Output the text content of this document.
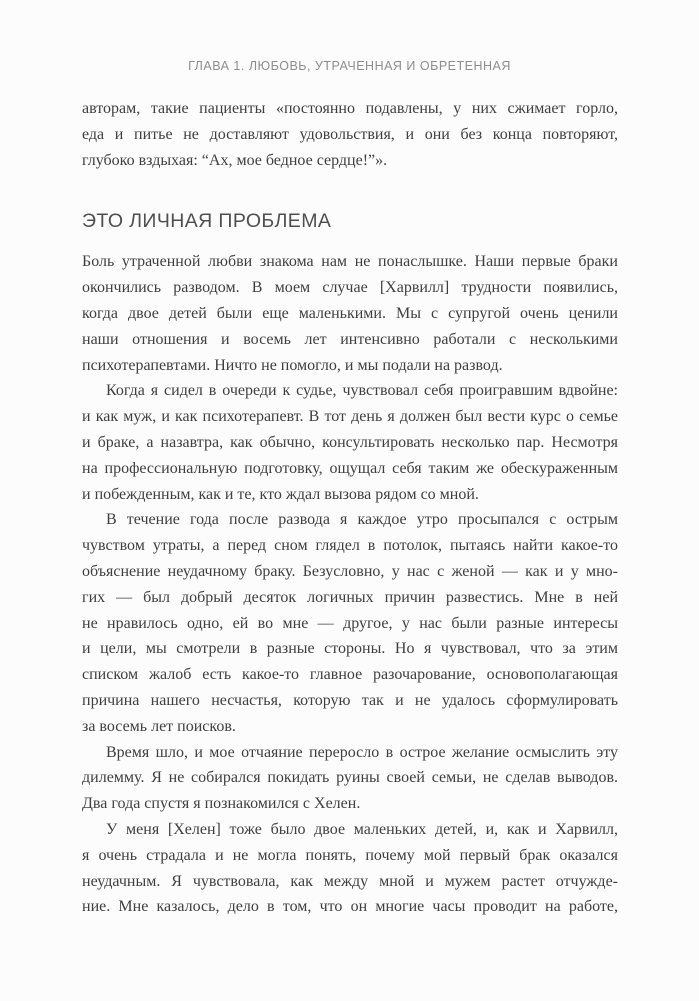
ГЛАВА 1. ЛЮБОВЬ, УТРАЧЕННАЯ И ОБРЕТЕННАЯ
авторам, такие пациенты «постоянно подавлены, у них сжимает горло,
еда и питье не доставляют удовольствия, и они без конца повторяют,
глубоко вздыхая: “Ах, мое бедное сердце!”».
ЭТО ЛИЧНАЯ ПРОБЛЕМА
Боль утраченной любви знакома нам не понаслышке. Наши первые браки
окончились разводом. В моем случае [Харвилл] трудности появились,
когда двое детей были еще маленькими. Мы с супругой очень ценили
наши отношения и восемь лет интенсивно работали с несколькими
психотерапевтами. Ничто не помогло, и мы подали на развод.
Когда я сидел в очереди к судье, чувствовал себя проигравшим вдвойне:
и как муж, и как психотерапевт. В тот день я должен был вести курс о семье
и браке, а назавтра, как обычно, консультировать несколько пар. Несмотря
на профессиональную подготовку, ощущал себя таким же обескураженным
и побежденным, как и те, кто ждал вызова рядом со мной.
В течение года после развода я каждое утро просыпался с острым
чувством утраты, а перед сном глядел в потолок, пытаясь найти какое-то
объяснение неудачному браку. Безусловно, у нас с женой — как и у мно-
гих — был добрый десяток логичных причин развестись. Мне в ней
не нравилось одно, ей во мне — другое, у нас были разные интересы
и цели, мы смотрели в разные стороны. Но я чувствовал, что за этим
списком жалоб есть какое-то главное разочарование, основополагающая
причина нашего несчастья, которую так и не удалось сформулировать
за восемь лет поисков.
Время шло, и мое отчаяние переросло в острое желание осмыслить эту
дилемму. Я не собирался покидать руины своей семьи, не сделав выводов.
Два года спустя я познакомился с Хелен.
У меня [Хелен] тоже было двое маленьких детей, и, как и Харвилл,
я очень страдала и не могла понять, почему мой первый брак оказался
неудачным. Я чувствовала, как между мной и мужем растет отчужде-
ние. Мне казалось, дело в том, что он многие часы проводит на работе,
